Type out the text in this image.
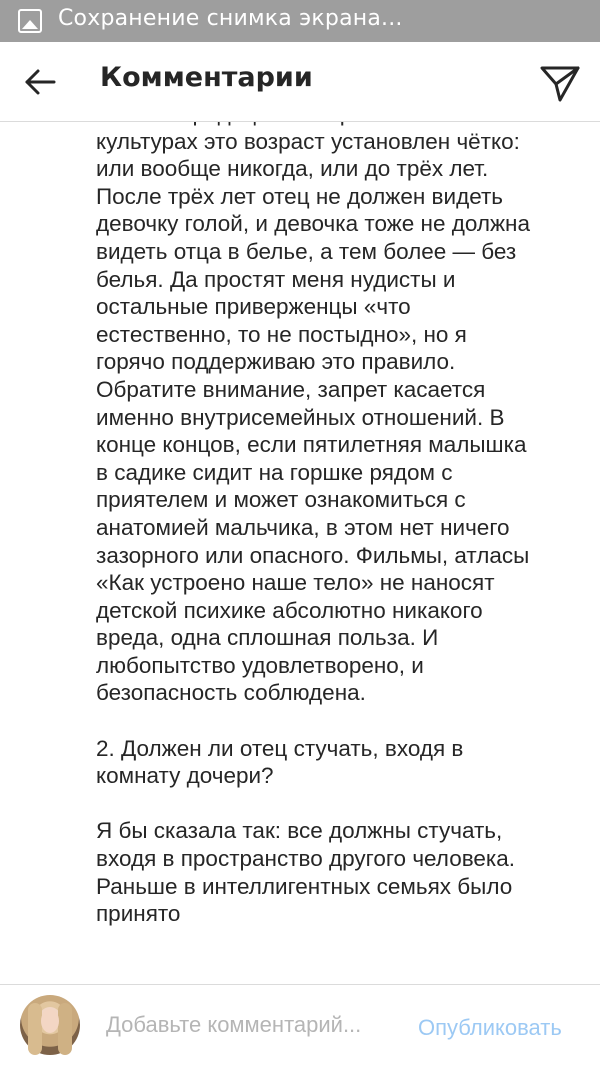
Сохранение снимка экрана...
Комментарии
культурах это возраст установлен чётко: или вообще никогда, или до трёх лет. После трёх лет отец не должен видеть девочку голой, и девочка тоже не должна видеть отца в белье, а тем более — без белья. Да простят меня нудисты и остальные приверженцы «что естественно, то не постыдно», но я горячо поддерживаю это правило. Обратите внимание, запрет касается именно внутрисемейных отношений. В конце концов, если пятилетняя малышка в садике сидит на горшке рядом с приятелем и может ознакомиться с анатомией мальчика, в этом нет ничего зазорного или опасного. Фильмы, атласы «Как устроено наше тело» не наносят детской психике абсолютно никакого вреда, одна сплошная польза. И любопытство удовлетворено, и безопасность соблюдена.
2. Должен ли отец стучать, входя в комнату дочери?
Я бы сказала так: все должны стучать, входя в пространство другого человека. Раньше в интеллигентных семьях было принято
Добавьте комментарий...
Опубликовать
